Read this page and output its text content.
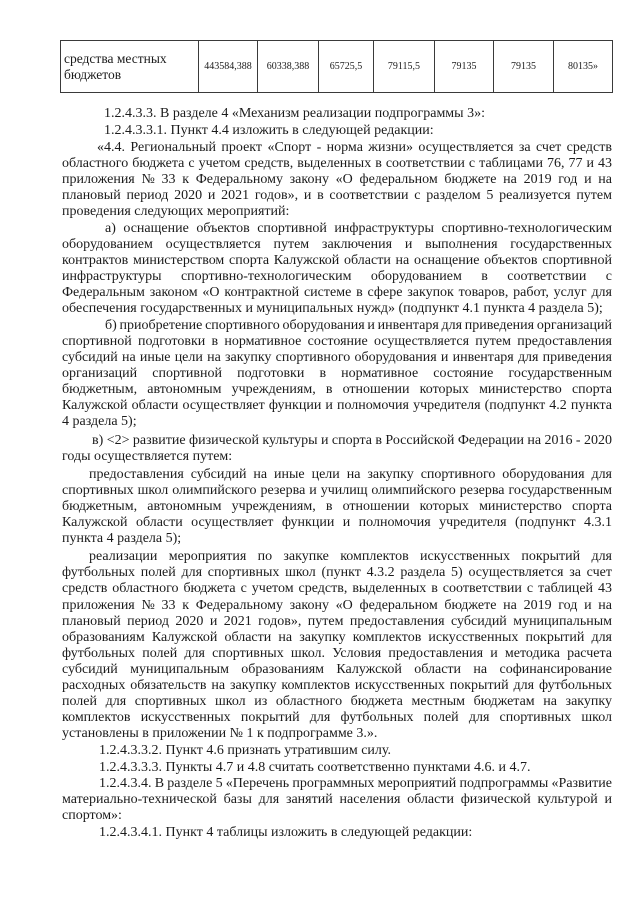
средства местных бюджетов	443584,388	60338,388	65725,5	79115,5	79135	79135	80135»
1.2.4.3.3. В разделе 4 «Механизм реализации подпрограммы 3»:
1.2.4.3.3.1. Пункт 4.4 изложить в следующей редакции:
«4.4. Региональный проект «Спорт - норма жизни» осуществляется за счет средств
областного бюджета с учетом средств, выделенных в соответствии с таблицами 76, 77 и 43
приложения № 33 к Федеральному закону «О федеральном бюджете на 2019 год и на
плановый период 2020 и 2021 годов», и в соответствии с разделом 5 реализуется путем
проведения следующих мероприятий:
а) оснащение объектов спортивной инфраструктуры спортивно-технологическим
оборудованием осуществляется путем заключения и выполнения государственных
контрактов министерством спорта Калужской области на оснащение объектов спортивной
инфраструктуры спортивно-технологическим оборудованием в соответствии с
Федеральным законом «О контрактной системе в сфере закупок товаров, работ, услуг для
обеспечения государственных и муниципальных нужд» (подпункт 4.1 пункта 4 раздела 5);
б) приобретение спортивного оборудования и инвентаря для приведения организаций
спортивной подготовки в нормативное состояние осуществляется путем предоставления
субсидий на иные цели на закупку спортивного оборудования и инвентаря для приведения
организаций спортивной подготовки в нормативное состояние государственным
бюджетным, автономным учреждениям, в отношении которых министерство спорта
Калужской области осуществляет функции и полномочия учредителя (подпункт 4.2 пункта
4 раздела 5);
в) <2> развитие физической культуры и спорта в Российской Федерации на 2016 - 2020
годы осуществляется путем:
предоставления субсидий на иные цели на закупку спортивного оборудования для
спортивных школ олимпийского резерва и училищ олимпийского резерва государственным
бюджетным, автономным учреждениям, в отношении которых министерство спорта
Калужской области осуществляет функции и полномочия учредителя (подпункт 4.3.1
пункта 4 раздела 5);
реализации мероприятия по закупке комплектов искусственных покрытий для
футбольных полей для спортивных школ (пункт 4.3.2 раздела 5) осуществляется за счет
средств областного бюджета с учетом средств, выделенных в соответствии с таблицей 43
приложения № 33 к Федеральному закону «О федеральном бюджете на 2019 год и на
плановый период 2020 и 2021 годов», путем предоставления субсидий муниципальным
образованиям Калужской области на закупку комплектов искусственных покрытий для
футбольных полей для спортивных школ. Условия предоставления и методика расчета
субсидий муниципальным образованиям Калужской области на софинансирование
расходных обязательств на закупку комплектов искусственных покрытий для футбольных
полей для спортивных школ из областного бюджета местным бюджетам на закупку
комплектов искусственных покрытий для футбольных полей для спортивных школ
установлены в приложении № 1 к подпрограмме 3.».
1.2.4.3.3.2. Пункт 4.6 признать утратившим силу.
1.2.4.3.3.3. Пункты 4.7 и 4.8 считать соответственно пунктами 4.6. и 4.7.
1.2.4.3.4. В разделе 5 «Перечень программных мероприятий подпрограммы «Развитие
материально-технической базы для занятий населения области физической культурой и
спортом»:
1.2.4.3.4.1. Пункт 4 таблицы изложить в следующей редакции:
